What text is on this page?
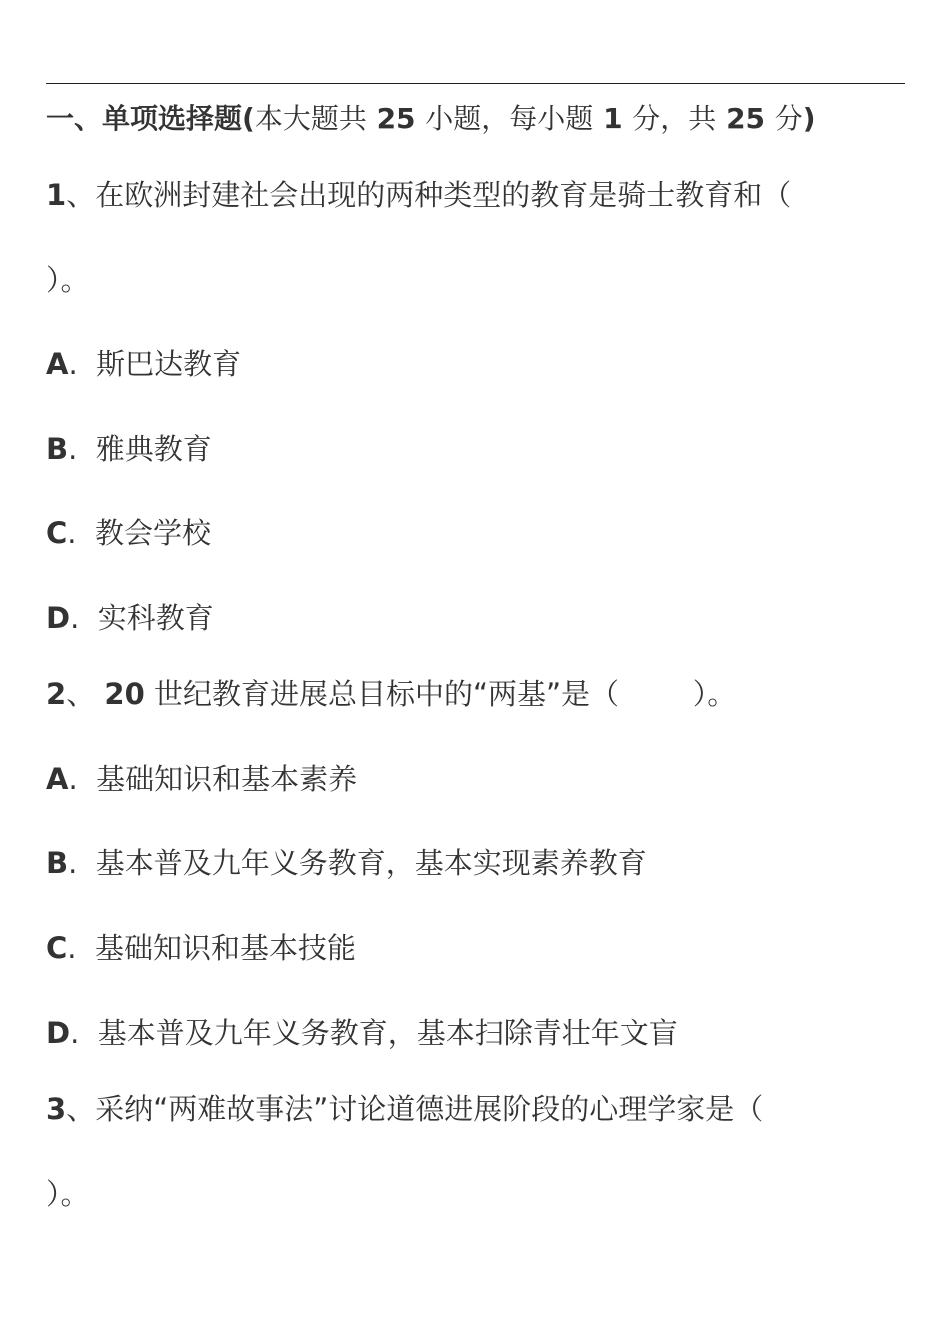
一、单项选择题(本大题共 25 小题，每小题 1 分，共 25 分)
1、在欧洲封建社会出现的两种类型的教育是骑士教育和（
）。
A. 斯巴达教育
B. 雅典教育
C. 教会学校
D. 实科教育
2、 20 世纪教育进展总目标中的“两基”是（        ）。
A. 基础知识和基本素养
B. 基本普及九年义务教育，基本实现素养教育
C. 基础知识和基本技能
D. 基本普及九年义务教育，基本扫除青壮年文盲
3、采纳“两难故事法”讨论道德进展阶段的心理学家是（
）。
